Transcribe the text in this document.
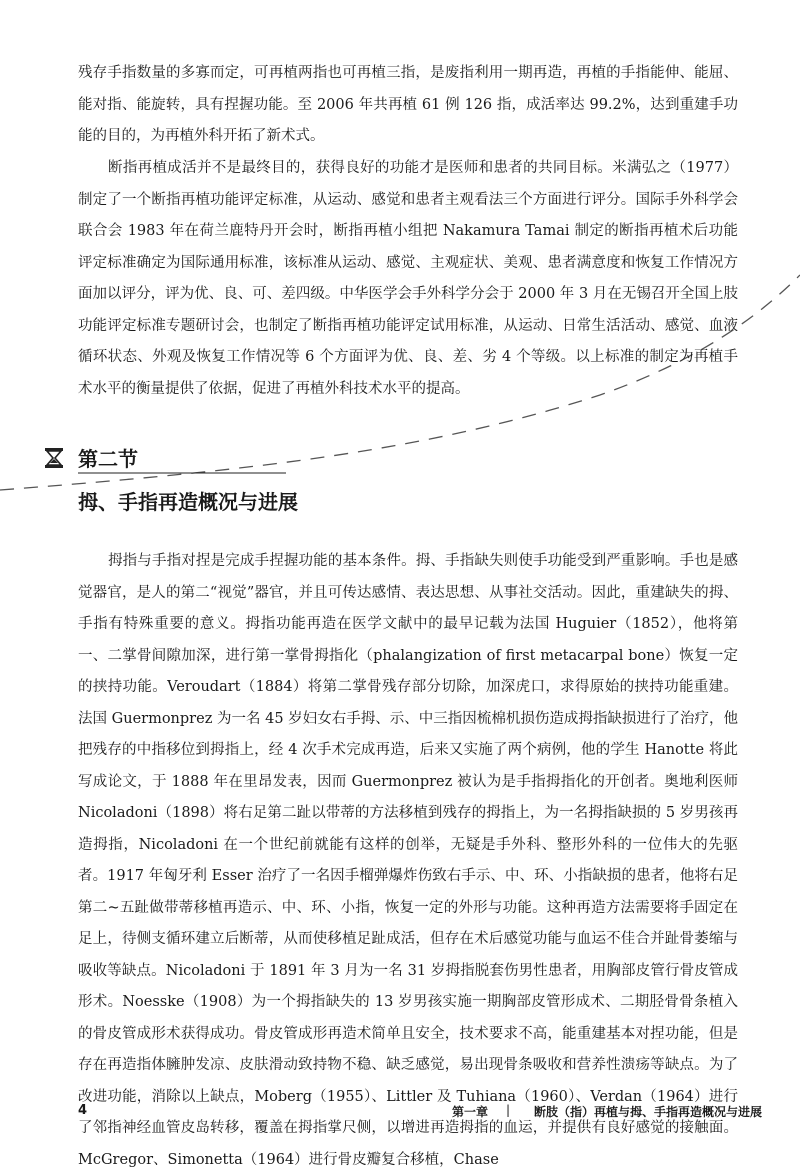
残存手指数量的多寡而定，可再植两指也可再植三指，是废指利用一期再造，再植的手指能伸、能屈、能对指、能旋转，具有捏握功能。至 2006 年共再植 61 例 126 指，成活率达 99.2%，达到重建手功能的目的，为再植外科开拓了新术式。

断指再植成活并不是最终目的，获得良好的功能才是医师和患者的共同目标。米满弘之（1977）制定了一个断指再植功能评定标准，从运动、感觉和患者主观看法三个方面进行评分。国际手外科学会联合会 1983 年在荷兰鹿特丹开会时，断指再植小组把 Nakamura Tamai 制定的断指再植术后功能评定标准确定为国际通用标准，该标准从运动、感觉、主观症状、美观、患者满意度和恢复工作情况方面加以评分，评为优、良、可、差四级。中华医学会手外科学分会于 2000 年 3 月在无锡召开全国上肢功能评定标准专题研讨会，也制定了断指再植功能评定试用标准，从运动、日常生活活动、感觉、血液循环状态、外观及恢复工作情况等 6 个方面评为优、良、差、劣 4 个等级。以上标准的制定为再植手术水平的衡量提供了依据，促进了再植外科技术水平的提高。

第二节
拇、手指再造概况与进展

拇指与手指对捏是完成手捏握功能的基本条件。拇、手指缺失则使手功能受到严重影响。手也是感觉器官，是人的第二“视觉”器官，并且可传达感情、表达思想、从事社交活动。因此，重建缺失的拇、手指有特殊重要的意义。拇指功能再造在医学文献中的最早记载为法国 Huguier（1852），他将第一、二掌骨间隙加深，进行第一掌骨拇指化（phalangization of first metacarpal bone）恢复一定的挟持功能。Veroudart（1884）将第二掌骨残存部分切除，加深虎口，求得原始的挟持功能重建。法国 Guermonprez 为一名 45 岁妇女右手拇、示、中三指因梳棉机损伤造成拇指缺损进行了治疗，他把残存的中指移位到拇指上，经 4 次手术完成再造，后来又实施了两个病例，他的学生 Hanotte 将此写成论文，于 1888 年在里昂发表，因而 Guermonprez 被认为是手指拇指化的开创者。奥地利医师 Nicoladoni（1898）将右足第二趾以带蒂的方法移植到残存的拇指上，为一名拇指缺损的 5 岁男孩再造拇指，Nicoladoni 在一个世纪前就能有这样的创举，无疑是手外科、整形外科的一位伟大的先驱者。1917 年匈牙利 Esser 治疗了一名因手榴弹爆炸伤致右手示、中、环、小指缺损的患者，他将右足第二~五趾做带蒂移植再造示、中、环、小指，恢复一定的外形与功能。这种再造方法需要将手固定在足上，待侧支循环建立后断蒂，从而使移植足趾成活，但存在术后感觉功能与血运不佳合并趾骨萎缩与吸收等缺点。Nicoladoni 于 1891 年 3 月为一名 31 岁拇指脱套伤男性患者，用胸部皮管行骨皮管成形术。Noesske（1908）为一个拇指缺失的 13 岁男孩实施一期胸部皮管形成术、二期胫骨骨条植入的骨皮管成形术获得成功。骨皮管成形再造术简单且安全，技术要求不高，能重建基本对捏功能，但是存在再造指体臃肿发凉、皮肤滑动致持物不稳、缺乏感觉，易出现骨条吸收和营养性溃疡等缺点。为了改进功能，消除以上缺点，Moberg（1955）、Littler 及 Tuhiana（1960）、Verdan（1964）进行了邻指神经血管皮岛转移，覆盖在拇指掌尺侧，以增进再造拇指的血运，并提供有良好感觉的接触面。McGregor、Simonetta（1964）进行骨皮瓣复合移植，Chase

4	第一章 | 断肢（指）再植与拇、手指再造概况与进展
